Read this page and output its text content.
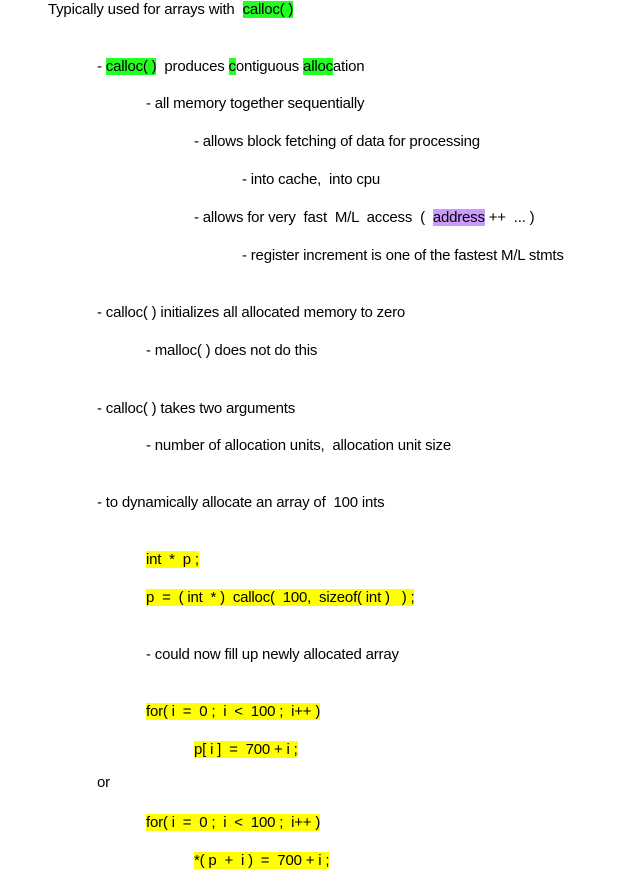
Typically used for arrays with  calloc( )
- calloc( )  produces contiguous allocation
- all memory together sequentially
- allows block fetching of data for processing
- into cache,  into cpu
- allows for very  fast  M/L  access  (  address ++  ... )
- register increment is one of the fastest M/L stmts
- calloc( ) initializes all allocated memory to zero
- malloc( ) does not do this
- calloc( ) takes two arguments
- number of allocation units,  allocation unit size
- to dynamically allocate an array of  100 ints
int  *  p ;
p  =  ( int  * )  calloc(  100,  sizeof( int )   ) ;
- could now fill up newly allocated array
for( i  =  0 ;  i  <  100 ;  i++ )
p[ i ]  =  700 + i ;
or
for( i  =  0 ;  i  <  100 ;  i++ )
*( p  +  i )  =  700 + i ;
